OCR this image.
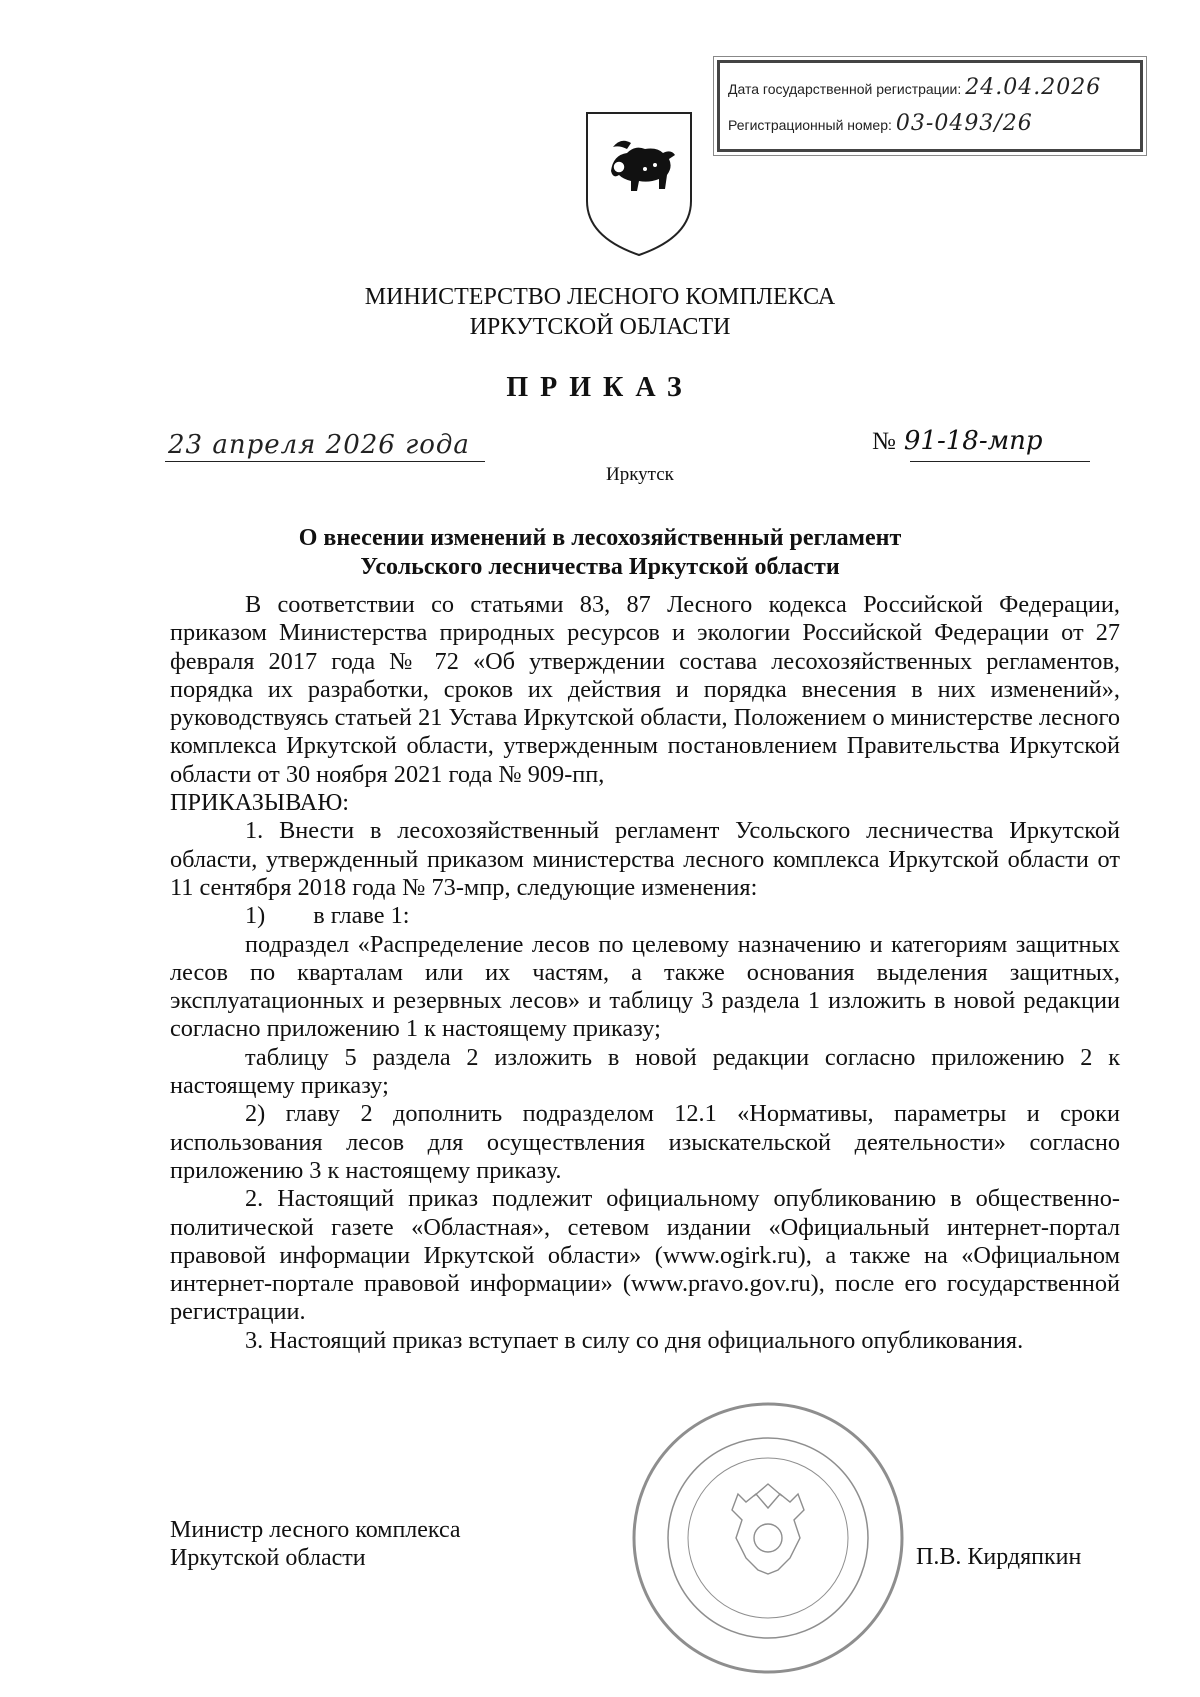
Дата государственной регистрации: 24.04.2026
Регистрационный номер: 03-0493/26
МИНИСТЕРСТВО ЛЕСНОГО КОМПЛЕКСА
ИРКУТСКОЙ ОБЛАСТИ
ПРИКАЗ
23 апреля 2026 года	№ 91-18-мпр
Иркутск
О внесении изменений в лесохозяйственный регламент
Усольского лесничества Иркутской области

В соответствии со статьями 83, 87 Лесного кодекса Российской Федерации, приказом Министерства природных ресурсов и экологии Российской Федерации от 27 февраля 2017 года № 72 «Об утверждении состава лесохозяйственных регламентов, порядка их разработки, сроков их действия и порядка внесения в них изменений», руководствуясь статьей 21 Устава Иркутской области, Положением о министерстве лесного комплекса Иркутской области, утвержденным постановлением Правительства Иркутской области от 30 ноября 2021 года № 909-пп,

ПРИКАЗЫВАЮ:

1. Внести в лесохозяйственный регламент Усольского лесничества Иркутской области, утвержденный приказом министерства лесного комплекса Иркутской области от 11 сентября 2018 года № 73-мпр, следующие изменения:

1) в главе 1:

подраздел «Распределение лесов по целевому назначению и категориям защитных лесов по кварталам или их частям, а также основания выделения защитных, эксплуатационных и резервных лесов» и таблицу 3 раздела 1 изложить в новой редакции согласно приложению 1 к настоящему приказу;

таблицу 5 раздела 2 изложить в новой редакции согласно приложению 2 к настоящему приказу;

2) главу 2 дополнить подразделом 12.1 «Нормативы, параметры и сроки использования лесов для осуществления изыскательской деятельности» согласно приложению 3 к настоящему приказу.

2. Настоящий приказ подлежит официальному опубликованию в общественно-политической газете «Областная», сетевом издании «Официальный интернет-портал правовой информации Иркутской области» (www.ogirk.ru), а также на «Официальном интернет-портале правовой информации» (www.pravo.gov.ru), после его государственной регистрации.

3. Настоящий приказ вступает в силу со дня официального опубликования.

Министр лесного комплекса
Иркутской области	П.В. Кирдяпкин
